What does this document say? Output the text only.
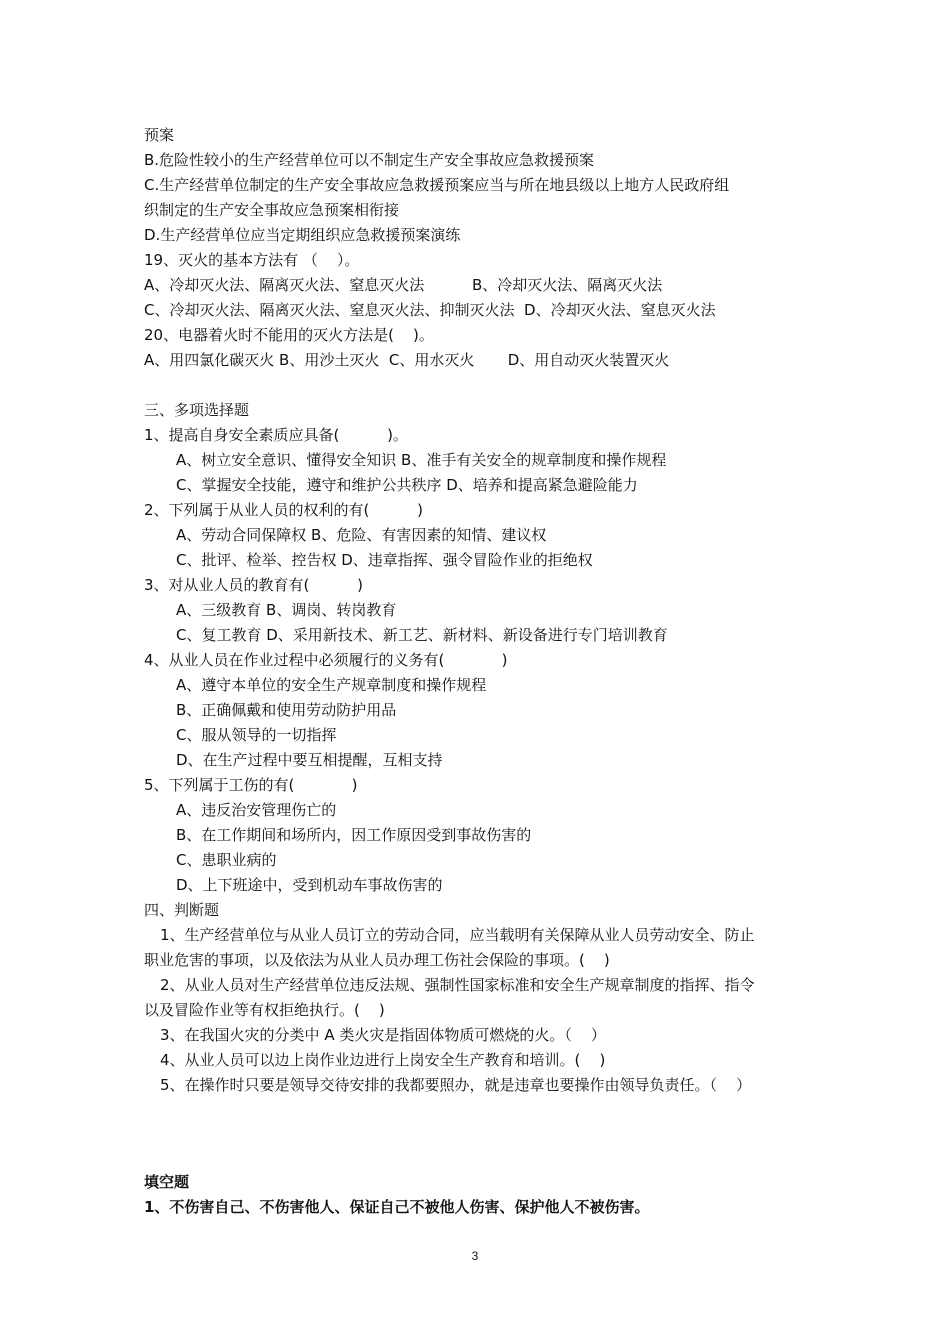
预案
B.危险性较小的生产经营单位可以不制定生产安全事故应急救援预案
C.生产经营单位制定的生产安全事故应急救援预案应当与所在地县级以上地方人民政府组
织制定的生产安全事故应急预案相衔接
D.生产经营单位应当定期组织应急救援预案演练
19、灭火的基本方法有 （    ）。
A、冷却灭火法、隔离灭火法、窒息灭火法          B、冷却灭火法、隔离灭火法
C、冷却灭火法、隔离灭火法、窒息灭火法、抑制灭火法  D、冷却灭火法、窒息灭火法
20、电器着火时不能用的灭火方法是(    )。
A、用四氯化碳灭火 B、用沙土灭火  C、用水灭火       D、用自动灭火装置灭火
三、多项选择题
1、提高自身安全素质应具备(          )。
A、树立安全意识、懂得安全知识 B、准手有关安全的规章制度和操作规程
C、掌握安全技能，遵守和维护公共秩序 D、培养和提高紧急避险能力
2、下列属于从业人员的权利的有(          )
A、劳动合同保障权 B、危险、有害因素的知情、建议权
C、批评、检举、控告权 D、违章指挥、强令冒险作业的拒绝权
3、对从业人员的教育有(          )
A、三级教育 B、调岗、转岗教育
C、复工教育 D、采用新技术、新工艺、新材料、新设备进行专门培训教育
4、从业人员在作业过程中必须履行的义务有(            )
A、遵守本单位的安全生产规章制度和操作规程
B、正确佩戴和使用劳动防护用品
C、服从领导的一切指挥
D、在生产过程中要互相提醒，互相支持
5、下列属于工伤的有(            )
A、违反治安管理伤亡的
B、在工作期间和场所内，因工作原因受到事故伤害的
C、患职业病的
D、上下班途中，受到机动车事故伤害的
四、判断题
1、生产经营单位与从业人员订立的劳动合同，应当载明有关保障从业人员劳动安全、防止
职业危害的事项，以及依法为从业人员办理工伤社会保险的事项。(    )
2、从业人员对生产经营单位违反法规、强制性国家标准和安全生产规章制度的指挥、指令
以及冒险作业等有权拒绝执行。(    )
3、在我国火灾的分类中 A 类火灾是指固体物质可燃烧的火。（    ）
4、从业人员可以边上岗作业边进行上岗安全生产教育和培训。(    )
5、在操作时只要是领导交待安排的我都要照办，就是违章也要操作由领导负责任。（    ）
填空题
1、不伤害自己、不伤害他人、保证自己不被他人伤害、保护他人不被伤害。
3
